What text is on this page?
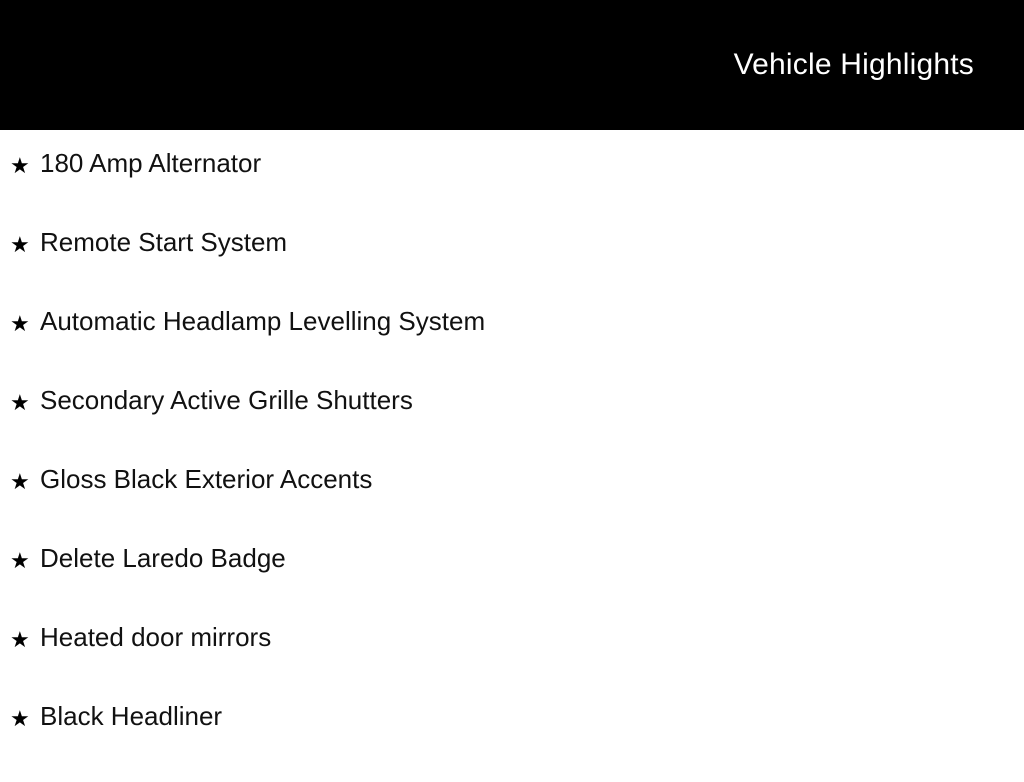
Vehicle Highlights
★ 180 Amp Alternator
★ Remote Start System
★ Automatic Headlamp Levelling System
★ Secondary Active Grille Shutters
★ Gloss Black Exterior Accents
★ Delete Laredo Badge
★ Heated door mirrors
★ Black Headliner
